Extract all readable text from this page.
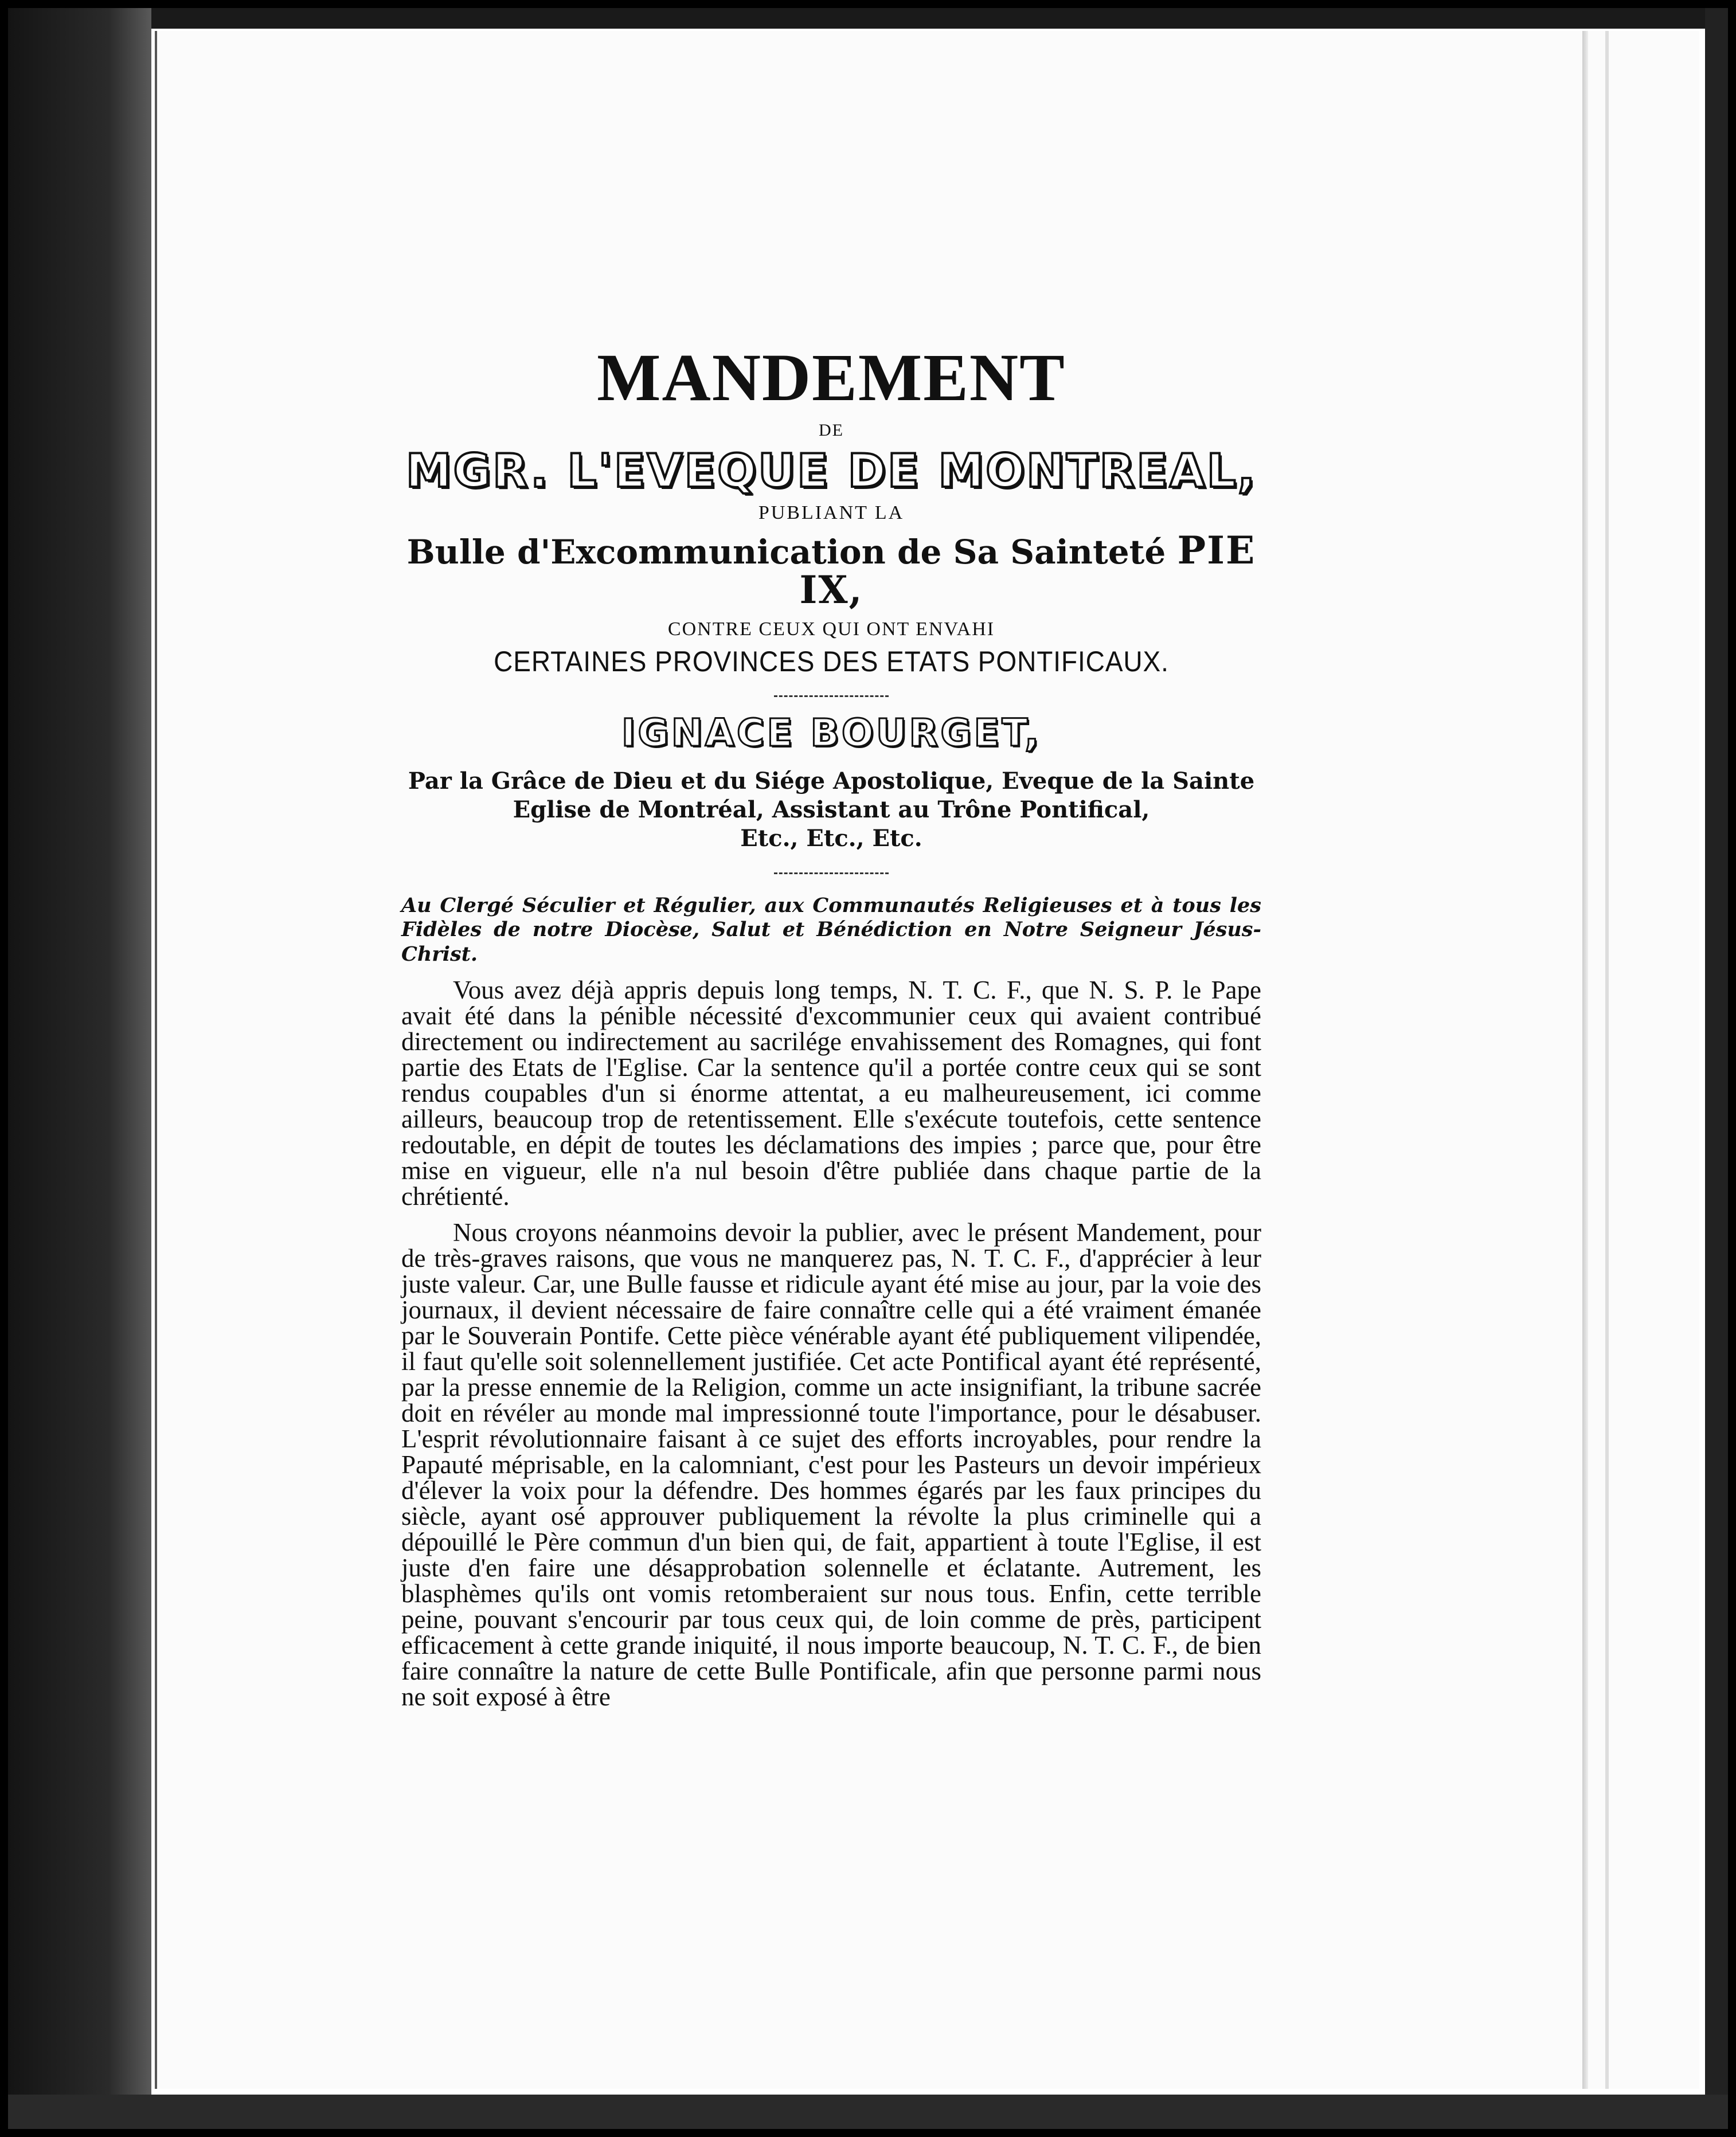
MANDEMENT
DE
MGR. L'EVEQUE DE MONTREAL,
PUBLIANT LA
Bulle d'Excommunication de Sa Sainteté PIE IX,
CONTRE CEUX QUI ONT ENVAHI
CERTAINES PROVINCES DES ETATS PONTIFICAUX.
IGNACE BOURGET,
Par la Grâce de Dieu et du Siége Apostolique, Eveque de la Sainte
Eglise de Montréal, Assistant au Trône Pontifical,
Etc., Etc., Etc.
Au Clergé Séculier et Régulier, aux Communautés Religieuses et à tous les Fidèles de notre Diocèse, Salut et Bénédiction en Notre Seigneur Jésus-Christ.

Vous avez déjà appris depuis long temps, N. T. C. F., que N. S. P. le Pape avait été dans la pénible nécessité d'excommunier ceux qui avaient contribué directement ou indirectement au sacrilége envahissement des Romagnes, qui font partie des Etats de l'Eglise. Car la sentence qu'il a portée contre ceux qui se sont rendus coupables d'un si énorme attentat, a eu malheureusement, ici comme ailleurs, beaucoup trop de retentissement. Elle s'exécute toutefois, cette sentence redoutable, en dépit de toutes les déclamations des impies ; parce que, pour être mise en vigueur, elle n'a nul besoin d'être publiée dans chaque partie de la chrétienté.

Nous croyons néanmoins devoir la publier, avec le présent Mandement, pour de très-graves raisons, que vous ne manquerez pas, N. T. C. F., d'apprécier à leur juste valeur. Car, une Bulle fausse et ridicule ayant été mise au jour, par la voie des journaux, il devient nécessaire de faire connaître celle qui a été vraiment émanée par le Souverain Pontife. Cette pièce vénérable ayant été publiquement vilipendée, il faut qu'elle soit solennellement justifiée. Cet acte Pontifical ayant été représenté, par la presse ennemie de la Religion, comme un acte insignifiant, la tribune sacrée doit en révéler au monde mal impressionné toute l'importance, pour le désabuser. L'esprit révolutionnaire faisant à ce sujet des efforts incroyables, pour rendre la Papauté méprisable, en la calomniant, c'est pour les Pasteurs un devoir impérieux d'élever la voix pour la défendre. Des hommes égarés par les faux principes du siècle, ayant osé approuver publiquement la révolte la plus criminelle qui a dépouillé le Père commun d'un bien qui, de fait, appartient à toute l'Eglise, il est juste d'en faire une désapprobation solennelle et éclatante. Autrement, les blasphèmes qu'ils ont vomis retomberaient sur nous tous. Enfin, cette terrible peine, pouvant s'encourir par tous ceux qui, de loin comme de près, participent efficacement à cette grande iniquité, il nous importe beaucoup, N. T. C. F., de bien faire connaître la nature de cette Bulle Pontificale, afin que personne parmi nous ne soit exposé à être
